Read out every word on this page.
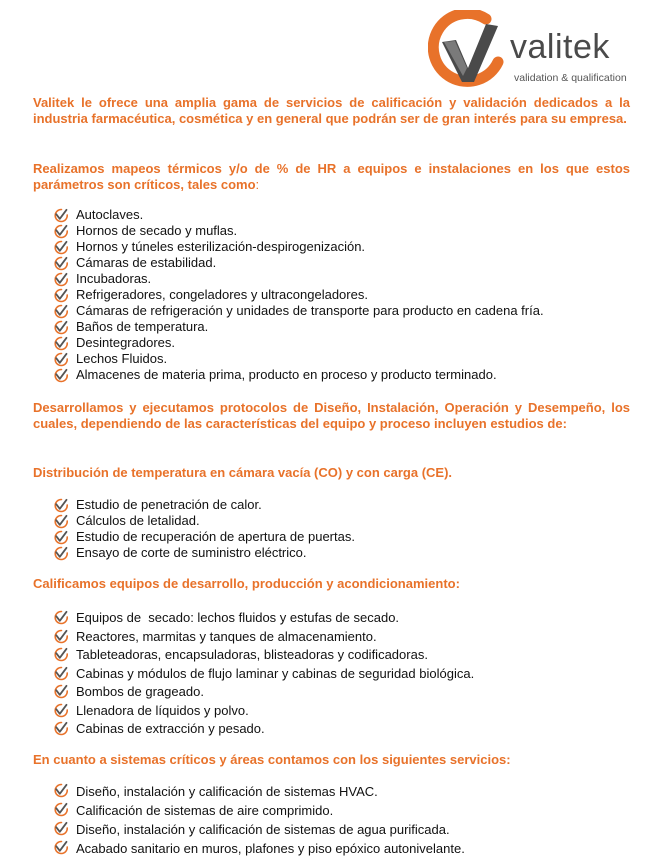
valitek
validation & qualification

Valitek le ofrece una amplia gama de servicios de calificación y validación dedicados a la industria farmacéutica, cosmética y en general que podrán ser de gran interés para su empresa.

Realizamos mapeos térmicos y/o de % de HR a equipos e instalaciones en los que estos parámetros son críticos, tales como:

Autoclaves.
Hornos de secado y muflas.
Hornos y túneles esterilización-despirogenización.
Cámaras de estabilidad.
Incubadoras.
Refrigeradores, congeladores y ultracongeladores.
Cámaras de refrigeración y unidades de transporte para producto en cadena fría.
Baños de temperatura.
Desintegradores.
Lechos Fluidos.
Almacenes de materia prima, producto en proceso y producto terminado.

Desarrollamos y ejecutamos protocolos de Diseño, Instalación, Operación y Desempeño, los cuales, dependiendo de las características del equipo y proceso incluyen estudios de:

Distribución de temperatura en cámara vacía (CO) y con carga (CE).

Estudio de penetración de calor.
Cálculos de letalidad.
Estudio de recuperación de apertura de puertas.
Ensayo de corte de suministro eléctrico.

Calificamos equipos de desarrollo, producción y acondicionamiento:

Equipos de  secado: lechos fluidos y estufas de secado.
Reactores, marmitas y tanques de almacenamiento.
Tableteadoras, encapsuladoras, blisteadoras y codificadoras.
Cabinas y módulos de flujo laminar y cabinas de seguridad biológica.
Bombos de grageado.
Llenadora de líquidos y polvo.
Cabinas de extracción y pesado.

En cuanto a sistemas críticos y áreas contamos con los siguientes servicios:

Diseño, instalación y calificación de sistemas HVAC.
Calificación de sistemas de aire comprimido.
Diseño, instalación y calificación de sistemas de agua purificada.
Acabado sanitario en muros, plafones y piso epóxico autonivelante.
